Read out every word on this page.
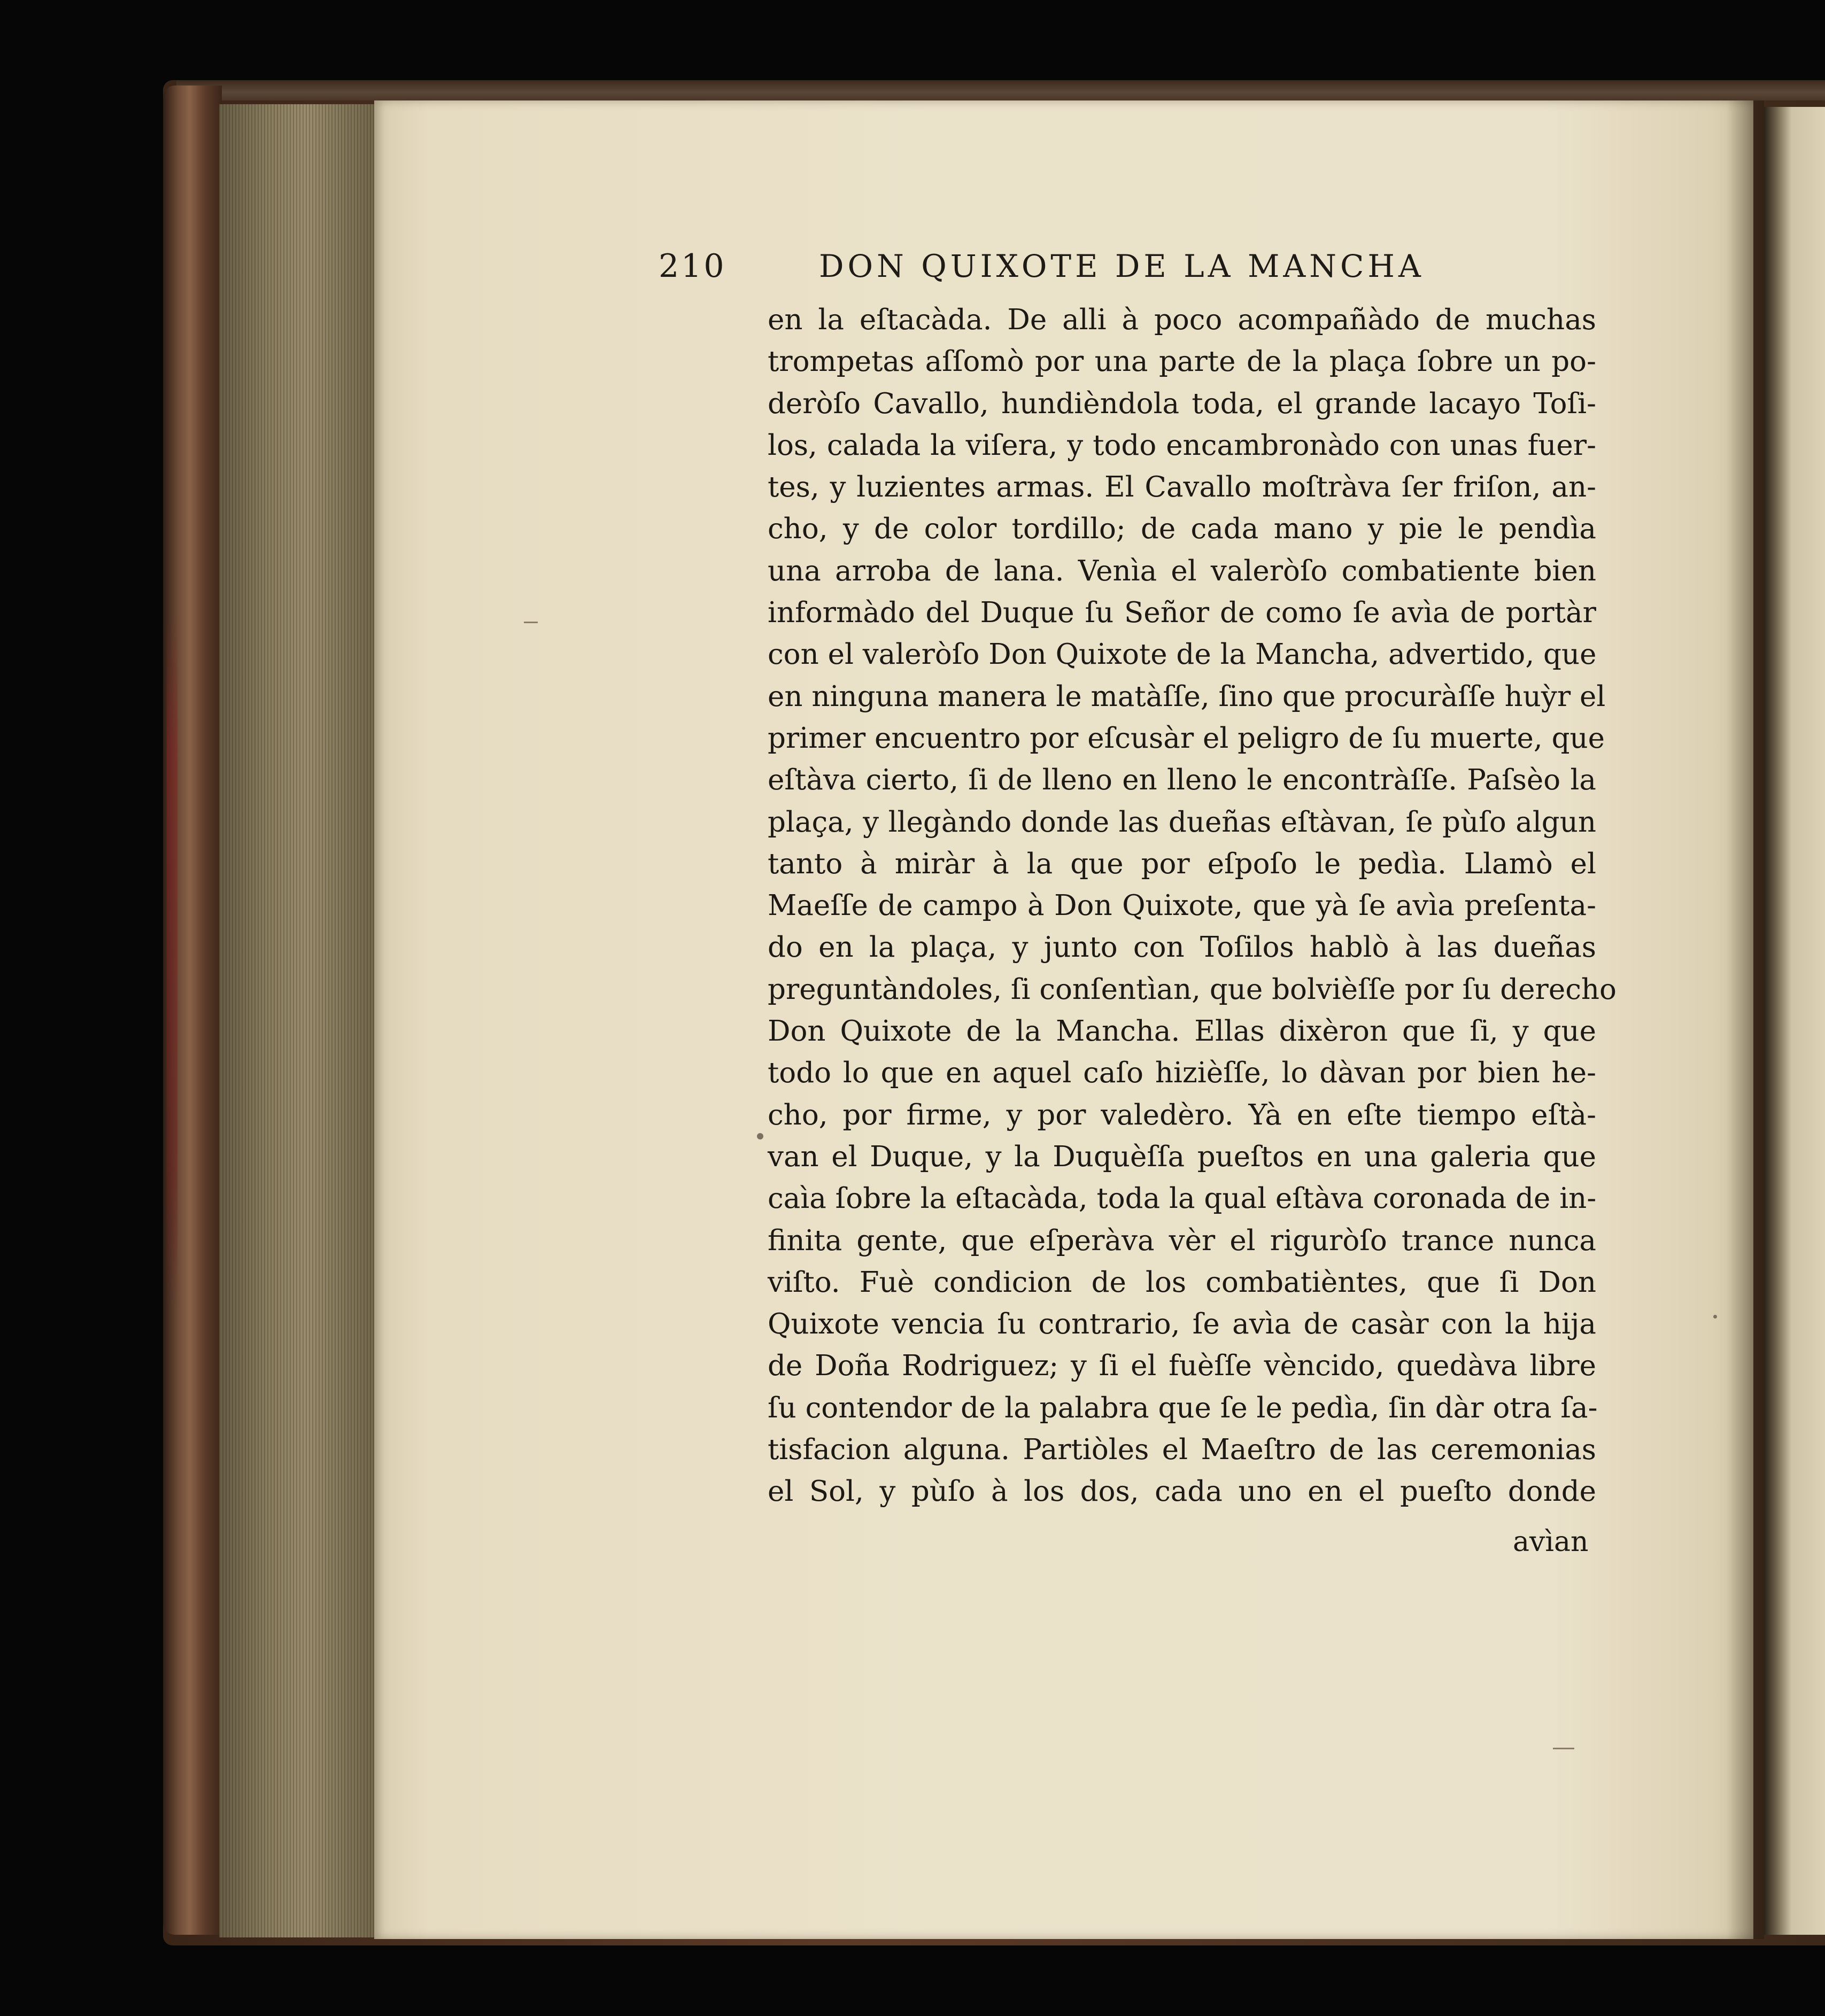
210	DON QUIXOTE DE LA MANCHA
en la eſtacàda. De alli à poco acompañàdo de muchas
trompetas aſſomò por una parte de la plaça ſobre un po-
deròſo Cavallo, hundièndola toda, el grande lacayo Toſi-
los, calada la viſera, y todo encambronàdo con unas fuer-
tes, y luzientes armas. El Cavallo moſtràva ſer friſon, an-
cho, y de color tordillo; de cada mano y pie le pendìa
una arroba de lana. Venìa el valeròſo combatiente bien
informàdo del Duque ſu Señor de como ſe avìa de portàr
con el valeròſo Don Quixote de la Mancha, advertido, que
en ninguna manera le matàſſe, ſino que procuràſſe huỳr el
primer encuentro por eſcusàr el peligro de ſu muerte, que
eſtàva cierto, ſi de lleno en lleno le encontràſſe. Paſsèo la
plaça, y llegàndo donde las dueñas eſtàvan, ſe pùſo algun
tanto à miràr à la que por eſpoſo le pedìa. Llamò el
Maeſſe de campo à Don Quixote, que yà ſe avìa preſenta-
do en la plaça, y junto con Toſilos hablò à las dueñas
preguntàndoles, ſi conſentìan, que bolvièſſe por ſu derecho
Don Quixote de la Mancha. Ellas dixèron que ſi, y que
todo lo que en aquel caſo hizièſſe, lo dàvan por bien he-
cho, por firme, y por valedèro. Yà en eſte tiempo eſtà-
van el Duque, y la Duquèſſa pueſtos en una galeria que
caìa ſobre la eſtacàda, toda la qual eſtàva coronada de in-
finita gente, que eſperàva vèr el riguròſo trance nunca
viſto. Fuè condicion de los combatièntes, que ſi Don
Quixote vencia ſu contrario, ſe avìa de casàr con la hija
de Doña Rodriguez; y ſi el fuèſſe vèncido, quedàva libre
ſu contendor de la palabra que ſe le pedìa, ſin dàr otra ſa-
tisfacion alguna. Partiòles el Maeſtro de las ceremonias
el Sol, y pùſo à los dos, cada uno en el pueſto donde
avìan
